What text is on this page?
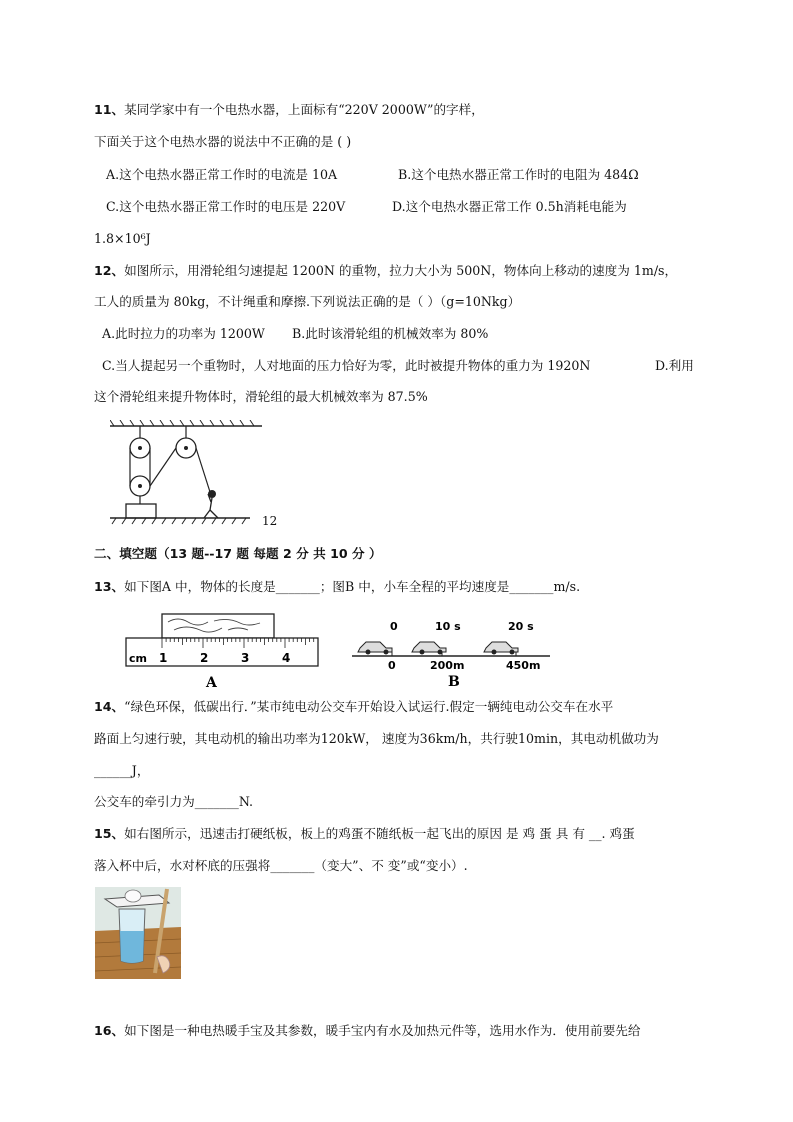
11、某同学家中有一个电热水器，上面标有“220V 2000W”的字样，
下面关于这个电热水器的说法中不正确的是 ( )
A.这个电热水器正常工作时的电流是 10A	B.这个电热水器正常工作时的电阻为 484Ω
C.这个电热水器正常工作时的电压是 220V	D.这个电热水器正常工作 0.5h消耗电能为
1.8×10⁶J
12、如图所示，用滑轮组匀速提起 1200N 的重物，拉力大小为 500N，物体向上移动的速度为 1m/s，
工人的质量为 80kg，不计绳重和摩擦.下列说法正确的是（ ）（g=10Nkg）
A.此时拉力的功率为 1200W B.此时该滑轮组的机械效率为 80%
C.当人提起另一个重物时，人对地面的压力恰好为零，此时被提升物体的重力为 1920N	D.利用
这个滑轮组来提升物体时，滑轮组的最大机械效率为 87.5%
12
二、填空题（13 题--17 题 每题 2 分 共 10 分 ）
13、如下图A 中，物体的长度是_______；图B 中，小车全程的平均速度是_______m/s.
cm 1	2	3	4
A
0	10 s	20 s
0	200m	450m
B
14、“绿色环保，低碳出行．”某市纯电动公交车开始设入试运行.假定一辆纯电动公交车在水平
路面上匀速行驶，其电动机的输出功率为120kW， 速度为36km/h，共行驶10min，其电动机做功为
______J，
公交车的牵引力为_______N.
15、如右图所示，迅速击打硬纸板，板上的鸡蛋不随纸板一起飞出的原因 是 鸡 蛋 具 有 __. 鸡蛋
落入杯中后，水对杯底的压强将_______（变大”、不 变”或“变小）.
16、如下图是一种电热暖手宝及其参数，暖手宝内有水及加热元件等，选用水作为．使用前要先给
